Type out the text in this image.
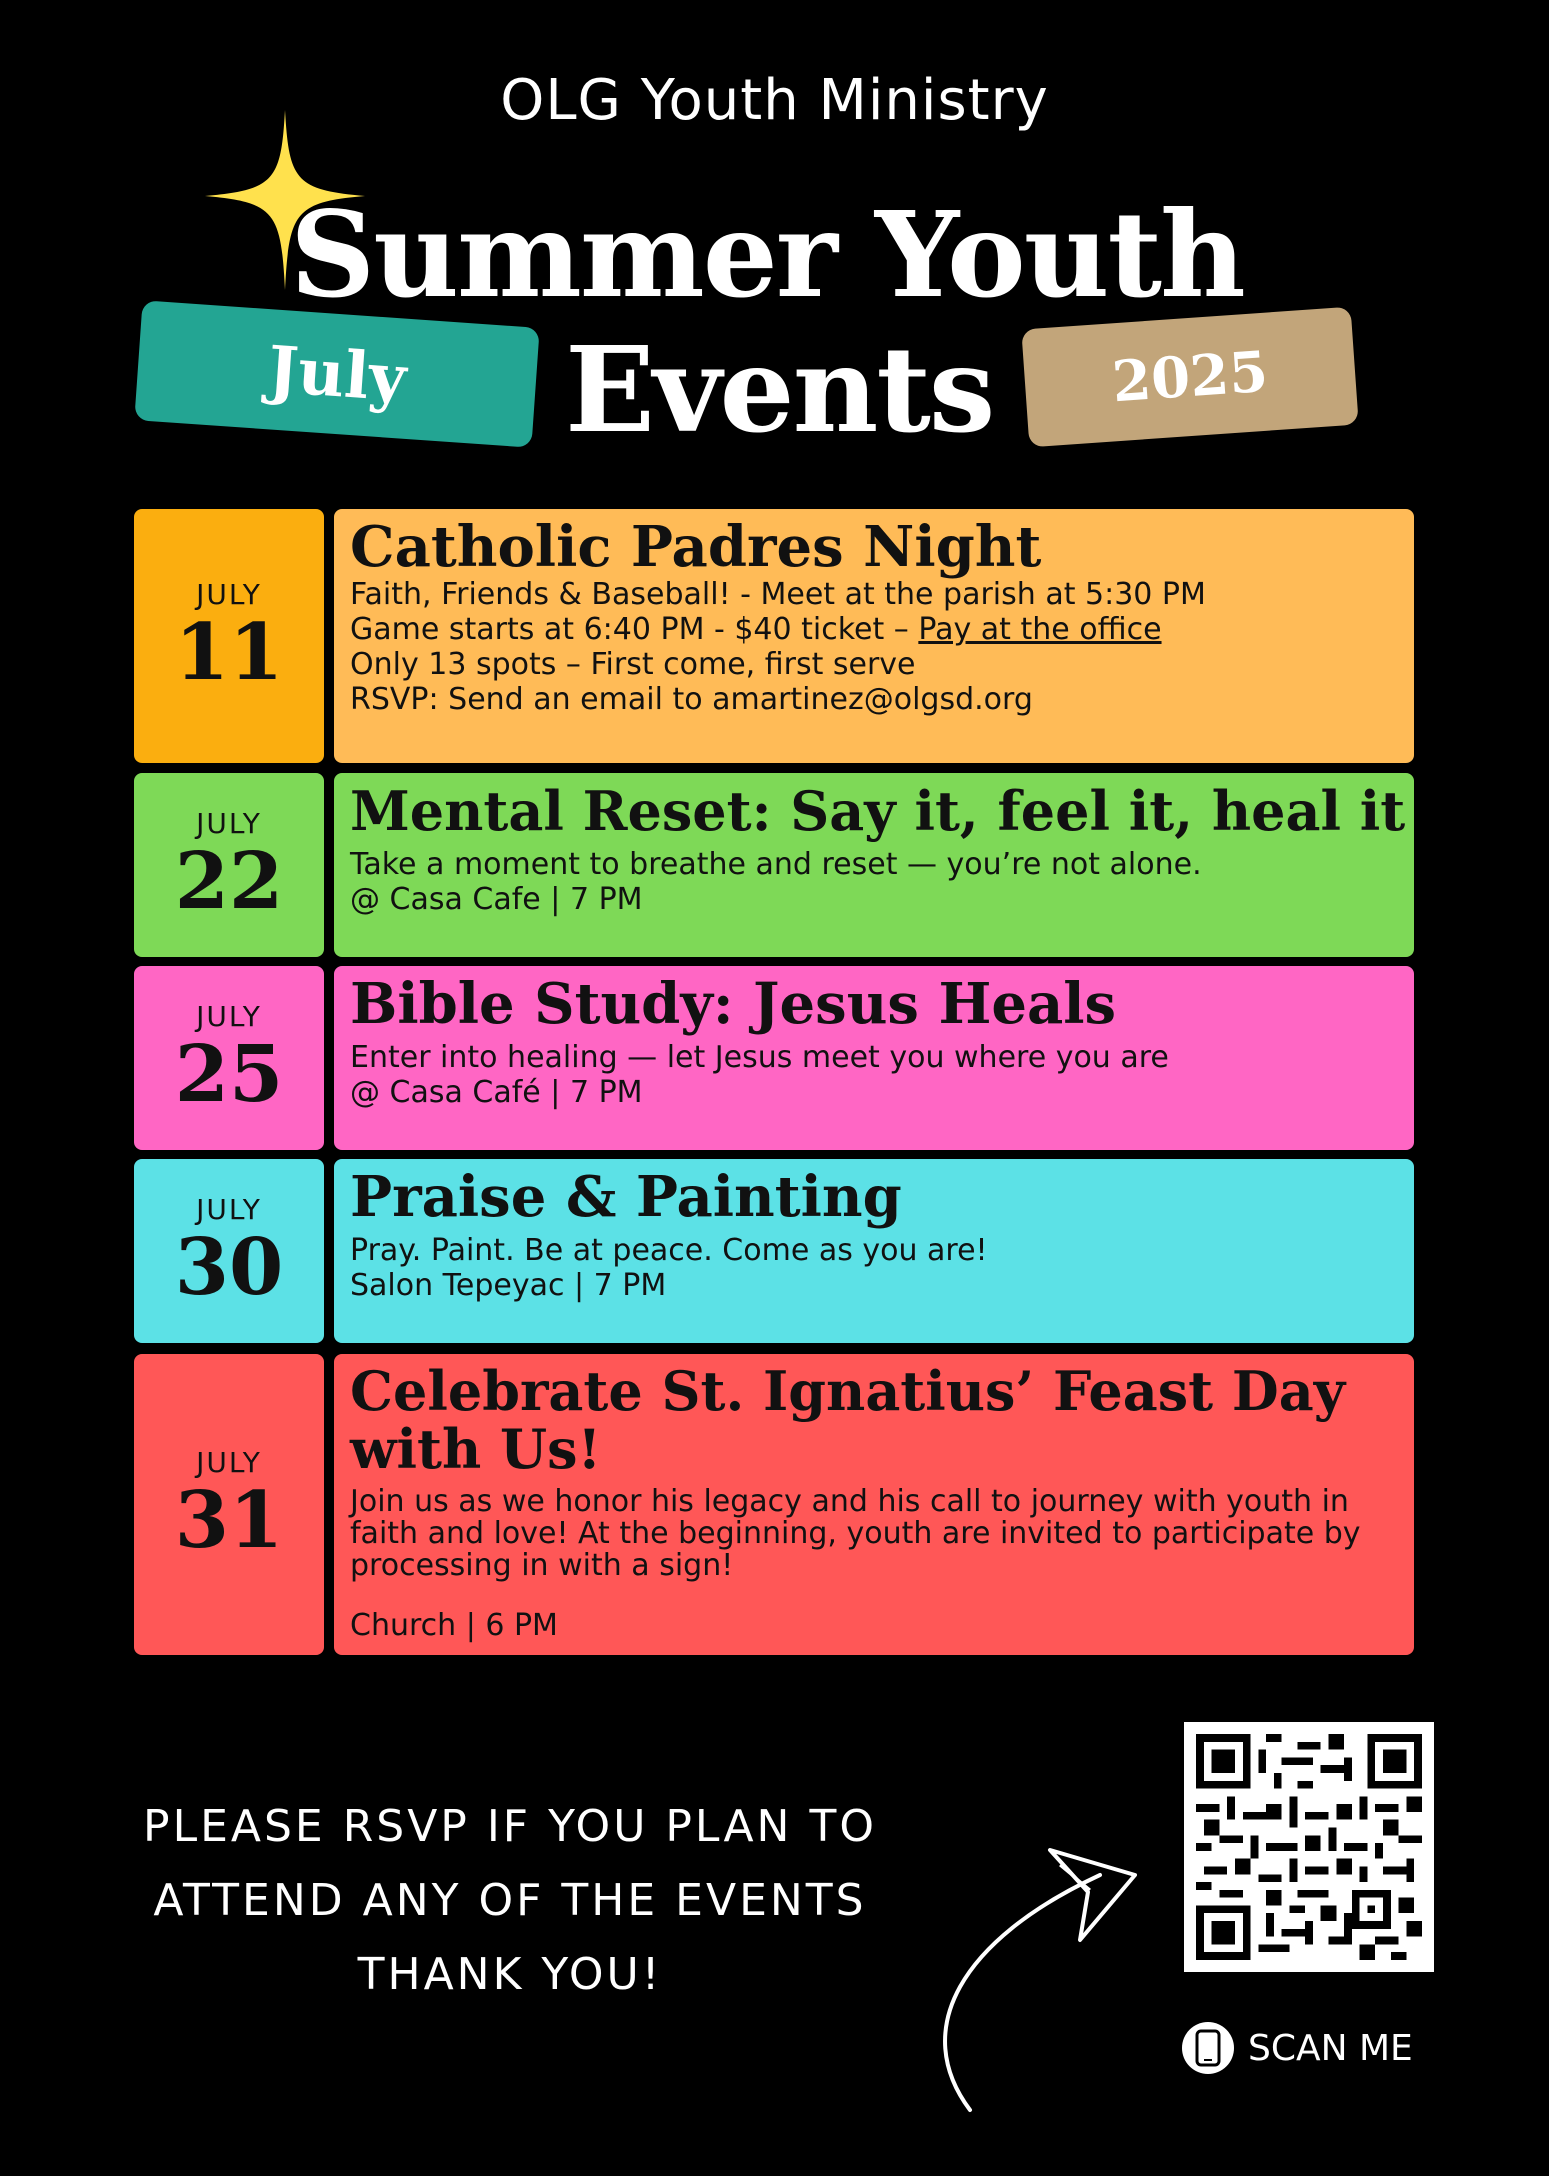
OLG Youth Ministry
Summer Youth
Events
July	2025
JULY
11
Catholic Padres Night
Faith, Friends & Baseball! - Meet at the parish at 5:30 PM
Game starts at 6:40 PM - $40 ticket – Pay at the office
Only 13 spots – First come, first serve
RSVP: Send an email to amartinez@olgsd.org
JULY
22
Mental Reset: Say it, feel it, heal it
Take a moment to breathe and reset — you’re not alone.
@ Casa Cafe | 7 PM
JULY
25
Bible Study: Jesus Heals
Enter into healing — let Jesus meet you where you are
@ Casa Café | 7 PM
JULY
30
Praise & Painting
Pray. Paint. Be at peace. Come as you are!
Salon Tepeyac | 7 PM
JULY
31
Celebrate St. Ignatius’ Feast Day with Us!
Join us as we honor his legacy and his call to journey with youth in faith and love! At the beginning, youth are invited to participate by processing in with a sign!
Church | 6 PM
PLEASE RSVP IF YOU PLAN TO ATTEND ANY OF THE EVENTS THANK YOU!
SCAN ME
